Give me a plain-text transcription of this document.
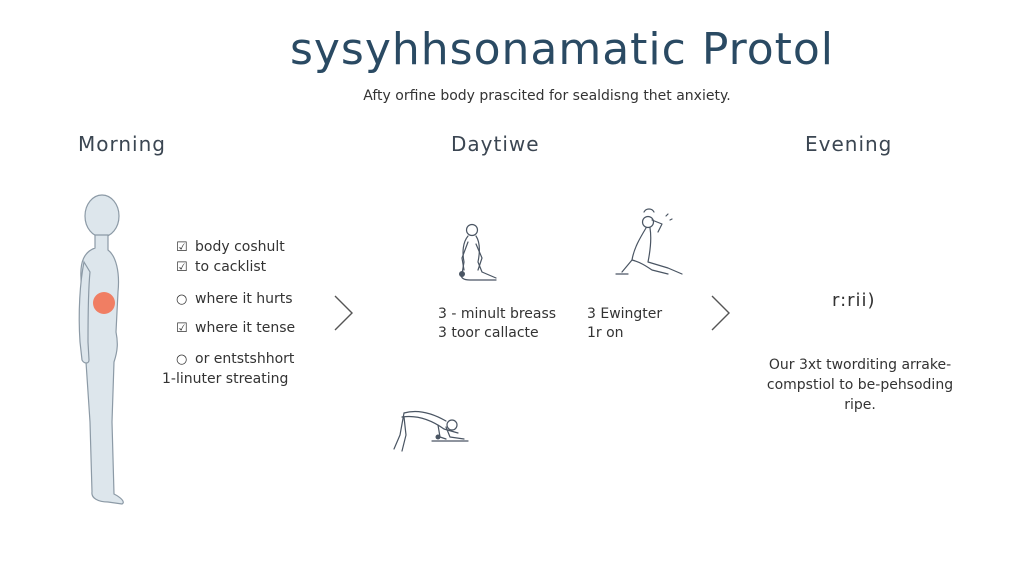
sysyhhsonamatic Protol
Afty orfine body prascited for sealdisng thet anxiety.
Morning	Daytiwe	Evening
☑ body coshult
☑ to cacklist
○ where it hurts
☑ where it tense
○ or entstshhort
1-linuter streating
3 - minult breass
3 toor callacte
3 Ewingter
1r on
r:rii)
Our 3xt tworditing arrake-compstiol to be-pehsoding ripe.
